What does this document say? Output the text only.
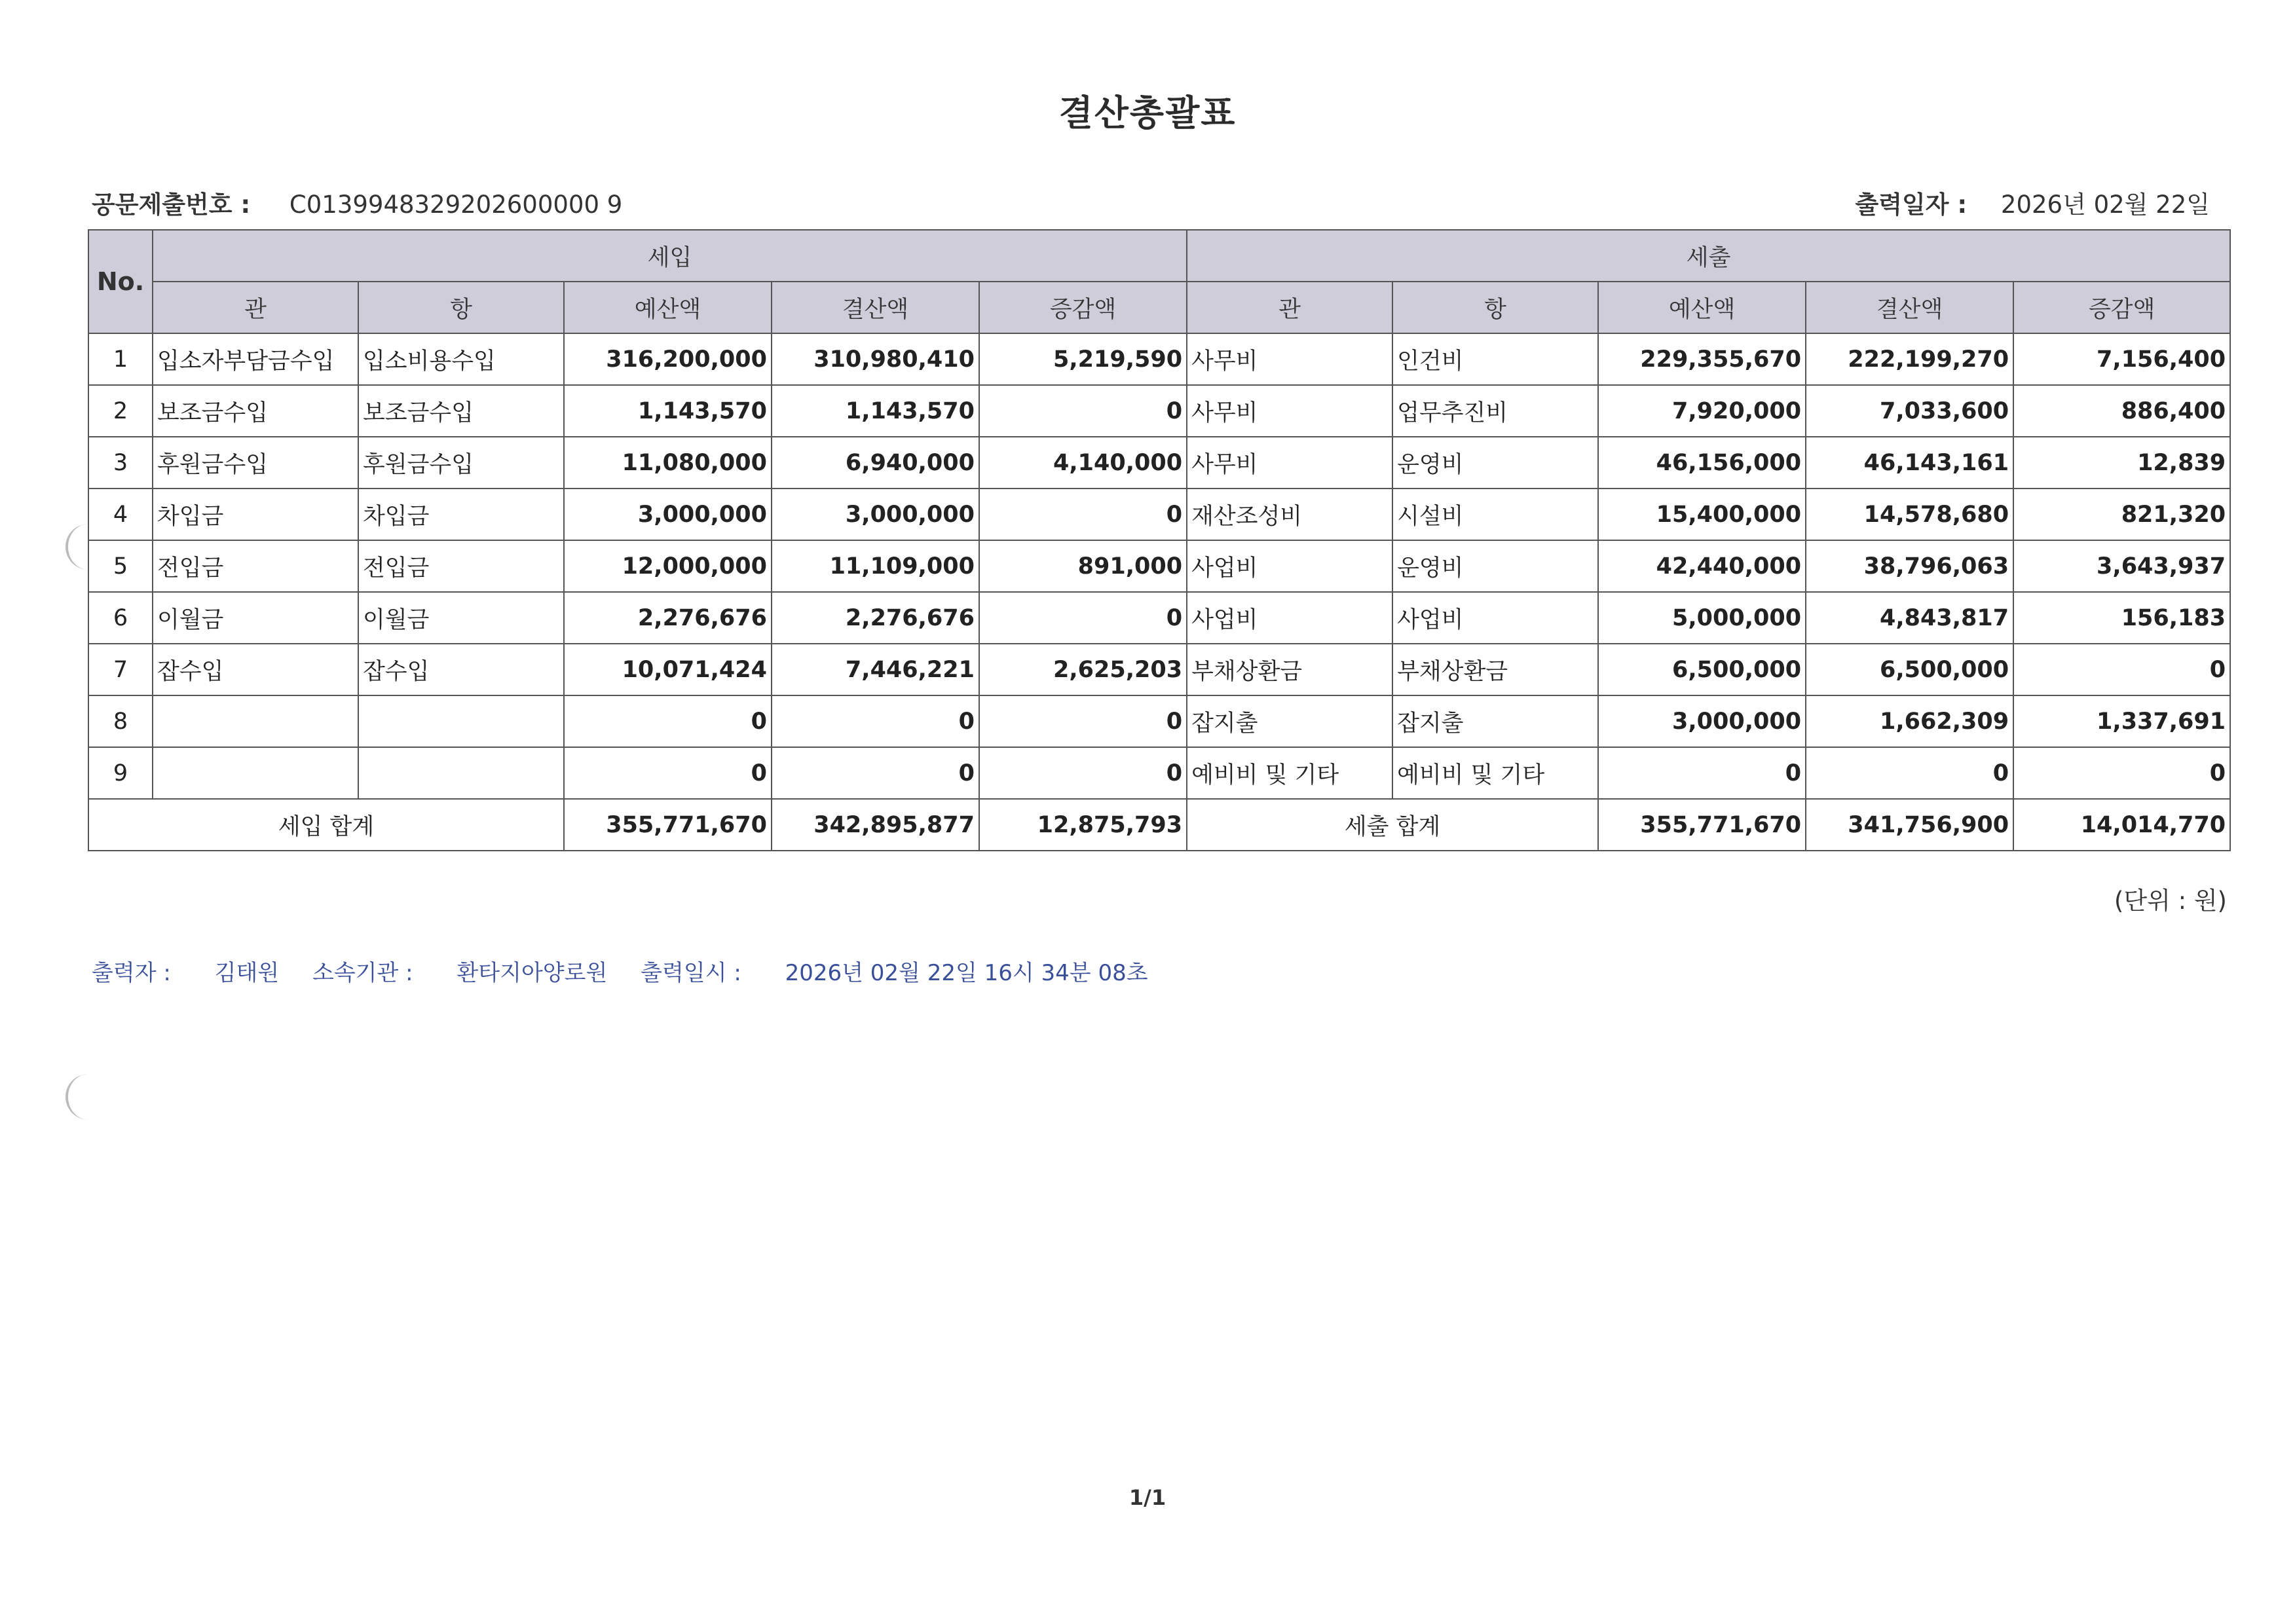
결산총괄표
공문제출번호 : C0139948329202600000 9	출력일자 : 2026년 02월 22일
No.	세입					세출				
	관	항	예산액	결산액	증감액	관	항	예산액	결산액	증감액
1	입소자부담금수입	입소비용수입	316,200,000	310,980,410	5,219,590	사무비	인건비	229,355,670	222,199,270	7,156,400
2	보조금수입	보조금수입	1,143,570	1,143,570	0	사무비	업무추진비	7,920,000	7,033,600	886,400
3	후원금수입	후원금수입	11,080,000	6,940,000	4,140,000	사무비	운영비	46,156,000	46,143,161	12,839
4	차입금	차입금	3,000,000	3,000,000	0	재산조성비	시설비	15,400,000	14,578,680	821,320
5	전입금	전입금	12,000,000	11,109,000	891,000	사업비	운영비	42,440,000	38,796,063	3,643,937
6	이월금	이월금	2,276,676	2,276,676	0	사업비	사업비	5,000,000	4,843,817	156,183
7	잡수입	잡수입	10,071,424	7,446,221	2,625,203	부채상환금	부채상환금	6,500,000	6,500,000	0
8			0	0	0	잡지출	잡지출	3,000,000	1,662,309	1,337,691
9			0	0	0	예비비 및 기타	예비비 및 기타	0	0	0
세입 합계			355,771,670	342,895,877	12,875,793	세출 합계		355,771,670	341,756,900	14,014,770
(단위 : 원)
출력자 : 김태원 소속기관 : 환타지아양로원 출력일시 : 2026년 02월 22일 16시 34분 08초
1/1
